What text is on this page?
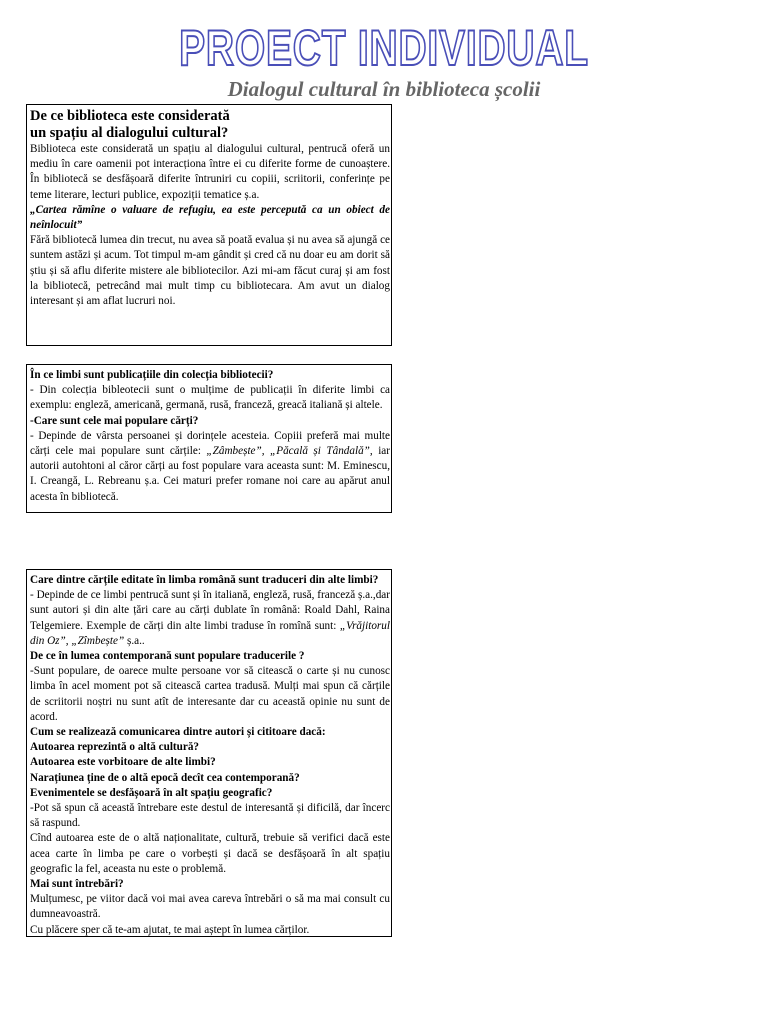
PROECT INDIVIDUAL
Dialogul cultural în biblioteca școlii

De ce biblioteca este considerată

un spațiu al dialogului cultural?

Biblioteca este considerată un spațiu al dialogului cultural, pentrucă oferă un mediu în care oamenii pot interacționa între ei cu diferite forme de cunoaștere. În bibliotecă se desfășoară diferite întruniri cu copiii, scriitorii, conferințe pe teme literare, lecturi publice, expoziții tematice ș.a.

„Cartea rămîne o valuare de refugiu, ea este percepută ca un obiect de neînlocuit”

Fără bibliotecă lumea din trecut, nu avea să poată evalua și nu avea să ajungă ce suntem astăzi și acum. Tot timpul m-am gândit și cred că nu doar eu am dorit să știu și să aflu diferite mistere ale bibliotecilor. Azi mi-am făcut curaj și am fost la bibliotecă, petrecând mai mult timp cu bibliotecara. Am avut un dialog interesant și am aflat lucruri noi.

În ce limbi sunt publicațiile din colecția bibliotecii?

- Din colecția bibleotecii sunt o mulțime de publicații în diferite limbi ca exemplu: engleză, americană, germană, rusă, franceză, greacă italiană și altele.

-Care sunt cele mai populare cărți?

- Depinde de vârsta persoanei și dorințele acesteia. Copiii preferă mai multe cărți cele mai populare sunt cărțile: „Zâmbește”, „Păcală și Tândală”, iar autorii autohtoni al căror cărți au fost populare vara aceasta sunt: M. Eminescu, I. Creangă, L. Rebreanu ș.a. Cei maturi prefer romane noi care au apărut anul acesta în bibliotecă.

Care dintre cărțile editate în limba română sunt traduceri din alte limbi?

- Depinde de ce limbi pentrucă sunt și în italiană, engleză, rusă, franceză ș.a.,dar sunt autori și din alte țări care au cărți dublate în română: Roald Dahl, Raina Telgemiere. Exemple de cărți din alte limbi traduse în romînă sunt: „Vrăjitorul din Oz”, „Zîmbește” ș.a..

De ce în lumea contemporană sunt populare traducerile ?

-Sunt populare, de oarece multe persoane vor să citească o carte și nu cunosc limba în acel moment pot să citească cartea tradusă. Mulți mai spun că cărțile de scriitorii noștri nu sunt atît de interesante dar cu această opinie nu sunt de acord.

Cum se realizează comunicarea dintre autori și cititoare dacă:

Autoarea reprezintă o altă cultură?

Autoarea este vorbitoare de alte limbi?

Narațiunea ține de o altă epocă decît cea contemporană?

Evenimentele se desfășoară în alt spațiu geografic?

-Pot să spun că această întrebare este destul de interesantă și dificilă, dar încerc să raspund.

Cînd autoarea este de o altă naționalitate, cultură, trebuie să verifici dacă este acea carte în limba pe care o vorbești și dacă se desfășoară în alt spațiu geografic la fel, aceasta nu este o problemă.

Mai sunt întrebări?

Mulțumesc, pe viitor dacă voi mai avea careva întrebări o să ma mai consult cu dumneavoastră.

Cu plăcere sper că te-am ajutat, te mai aștept în lumea cărților.
